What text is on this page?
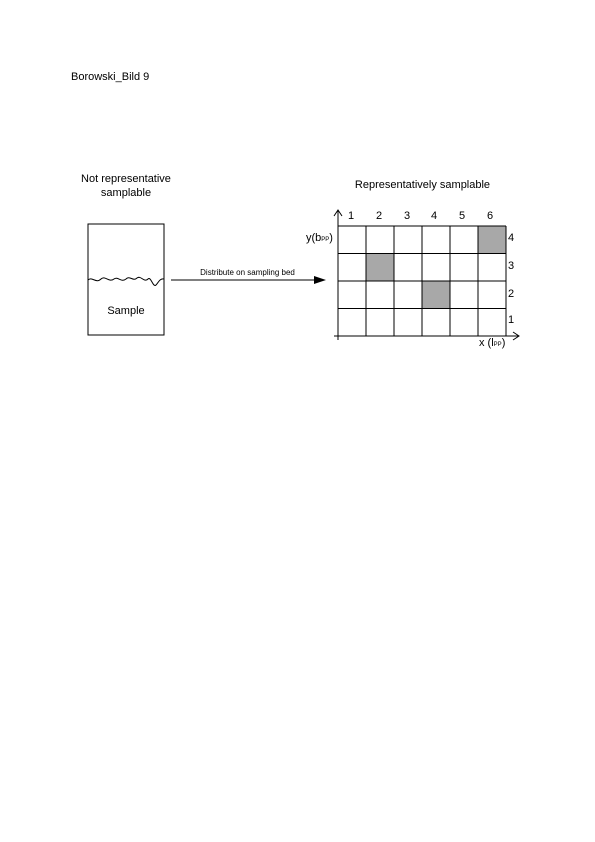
Borowski_Bild 9
Not representative
samplable
Representatively samplable
Distribute on sampling bed
Sample
y(bPP)
x (lPP)
1 2 3 4 5 6
4
3
2
1
